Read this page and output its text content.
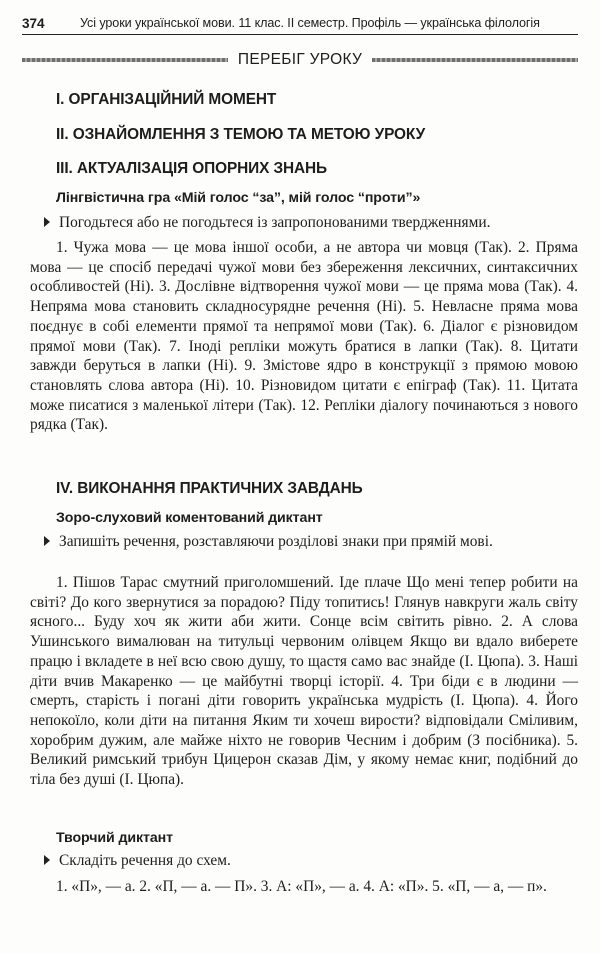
374	Усі уроки української мови. 11 клас. ІІ семестр. Профіль — українська філологія
ПЕРЕБІГ УРОКУ
I. ОРГАНІЗАЦІЙНИЙ МОМЕНТ
II. ОЗНАЙОМЛЕННЯ З ТЕМОЮ ТА МЕТОЮ УРОКУ
III. АКТУАЛІЗАЦІЯ ОПОРНИХ ЗНАНЬ
Лінгвістична гра «Мій голос “за”, мій голос “проти”»
Погодьтеся або не погодьтеся із запропонованими твердженнями.
1. Чужа мова — це мова іншої особи, а не автора чи мовця (Так). 2. Пряма мова — це спосіб передачі чужої мови без збереження лексичних, синтаксичних особливостей (Ні). 3. Дослівне відтворення чужої мови — це пряма мова (Так). 4. Непряма мова становить складносурядне речення (Ні). 5. Невласне пряма мова поєднує в собі елементи прямої та непрямої мови (Так). 6. Діалог є різновидом прямої мови (Так). 7. Іноді репліки можуть братися в лапки (Так). 8. Цитати завжди беруться в лапки (Ні). 9. Змістове ядро в конструкції з прямою мовою становлять слова автора (Ні). 10. Різновидом цитати є епіграф (Так). 11. Цитата може писатися з маленької літери (Так). 12. Репліки діалогу починаються з нового рядка (Так).
IV. ВИКОНАННЯ ПРАКТИЧНИХ ЗАВДАНЬ
Зоро-слуховий коментований диктант
Запишіть речення, розставляючи розділові знаки при прямій мові.
1. Пішов Тарас смутний приголомшений. Іде плаче Що мені тепер робити на світі? До кого звернутися за порадою? Піду топитись! Глянув навкруги жаль світу ясного... Буду хоч як жити аби жити. Сонце всім світить рівно. 2. А слова Ушинського вималюван на титульці червоним олівцем Якщо ви вдало виберете працю і вкладете в неї всю свою душу, то щастя само вас знайде (І. Цюпа). 3. Наші діти вчив Макаренко — це майбутні творці історії. 4. Три біди є в людини — смерть, старість і погані діти говорить українська мудрість (І. Цюпа). 4. Його непокоїло, коли діти на питання Яким ти хочеш вирости? відповідали Сміливим, хоробрим дужим, але майже ніхто не говорив Чесним і добрим (З посібника). 5. Великий римський трибун Цицерон сказав Дім, у якому немає книг, подібний до тіла без душі (І. Цюпа).
Творчий диктант
Складіть речення до схем.
1. «П», — а. 2. «П, — а. — П». 3. А: «П», — а. 4. А: «П». 5. «П, — а, — п».
